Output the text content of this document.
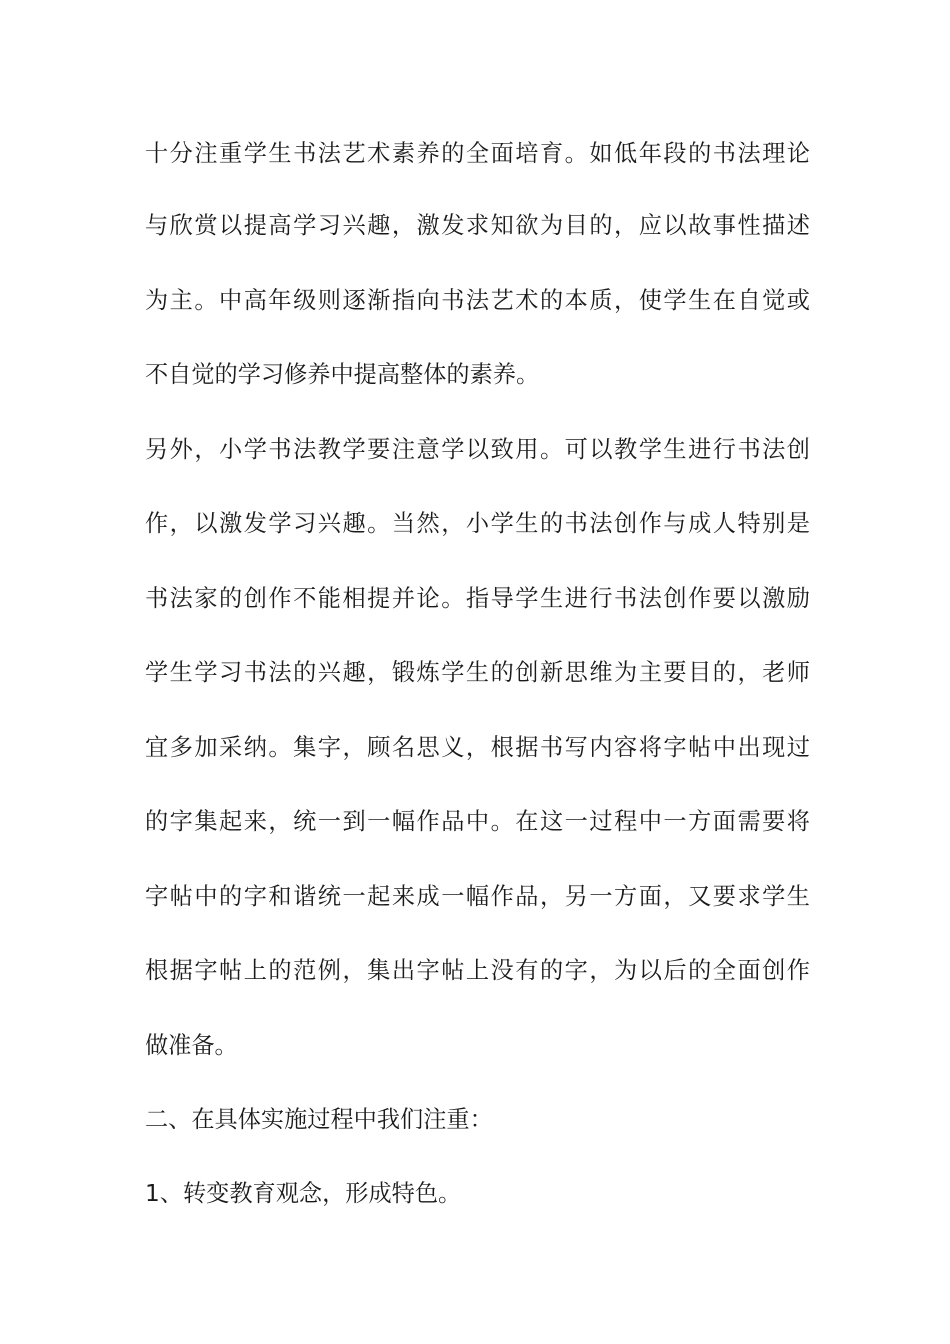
十分注重学生书法艺术素养的全面培育。如低年段的书法理论
与欣赏以提高学习兴趣，激发求知欲为目的，应以故事性描述
为主。中高年级则逐渐指向书法艺术的本质，使学生在自觉或
不自觉的学习修养中提高整体的素养。
另外，小学书法教学要注意学以致用。可以教学生进行书法创
作，以激发学习兴趣。当然，小学生的书法创作与成人特别是
书法家的创作不能相提并论。指导学生进行书法创作要以激励
学生学习书法的兴趣，锻炼学生的创新思维为主要目的，老师
宜多加采纳。集字，顾名思义，根据书写内容将字帖中出现过
的字集起来，统一到一幅作品中。在这一过程中一方面需要将
字帖中的字和谐统一起来成一幅作品，另一方面，又要求学生
根据字帖上的范例，集出字帖上没有的字，为以后的全面创作
做准备。
二、在具体实施过程中我们注重：
1、转变教育观念，形成特色。
